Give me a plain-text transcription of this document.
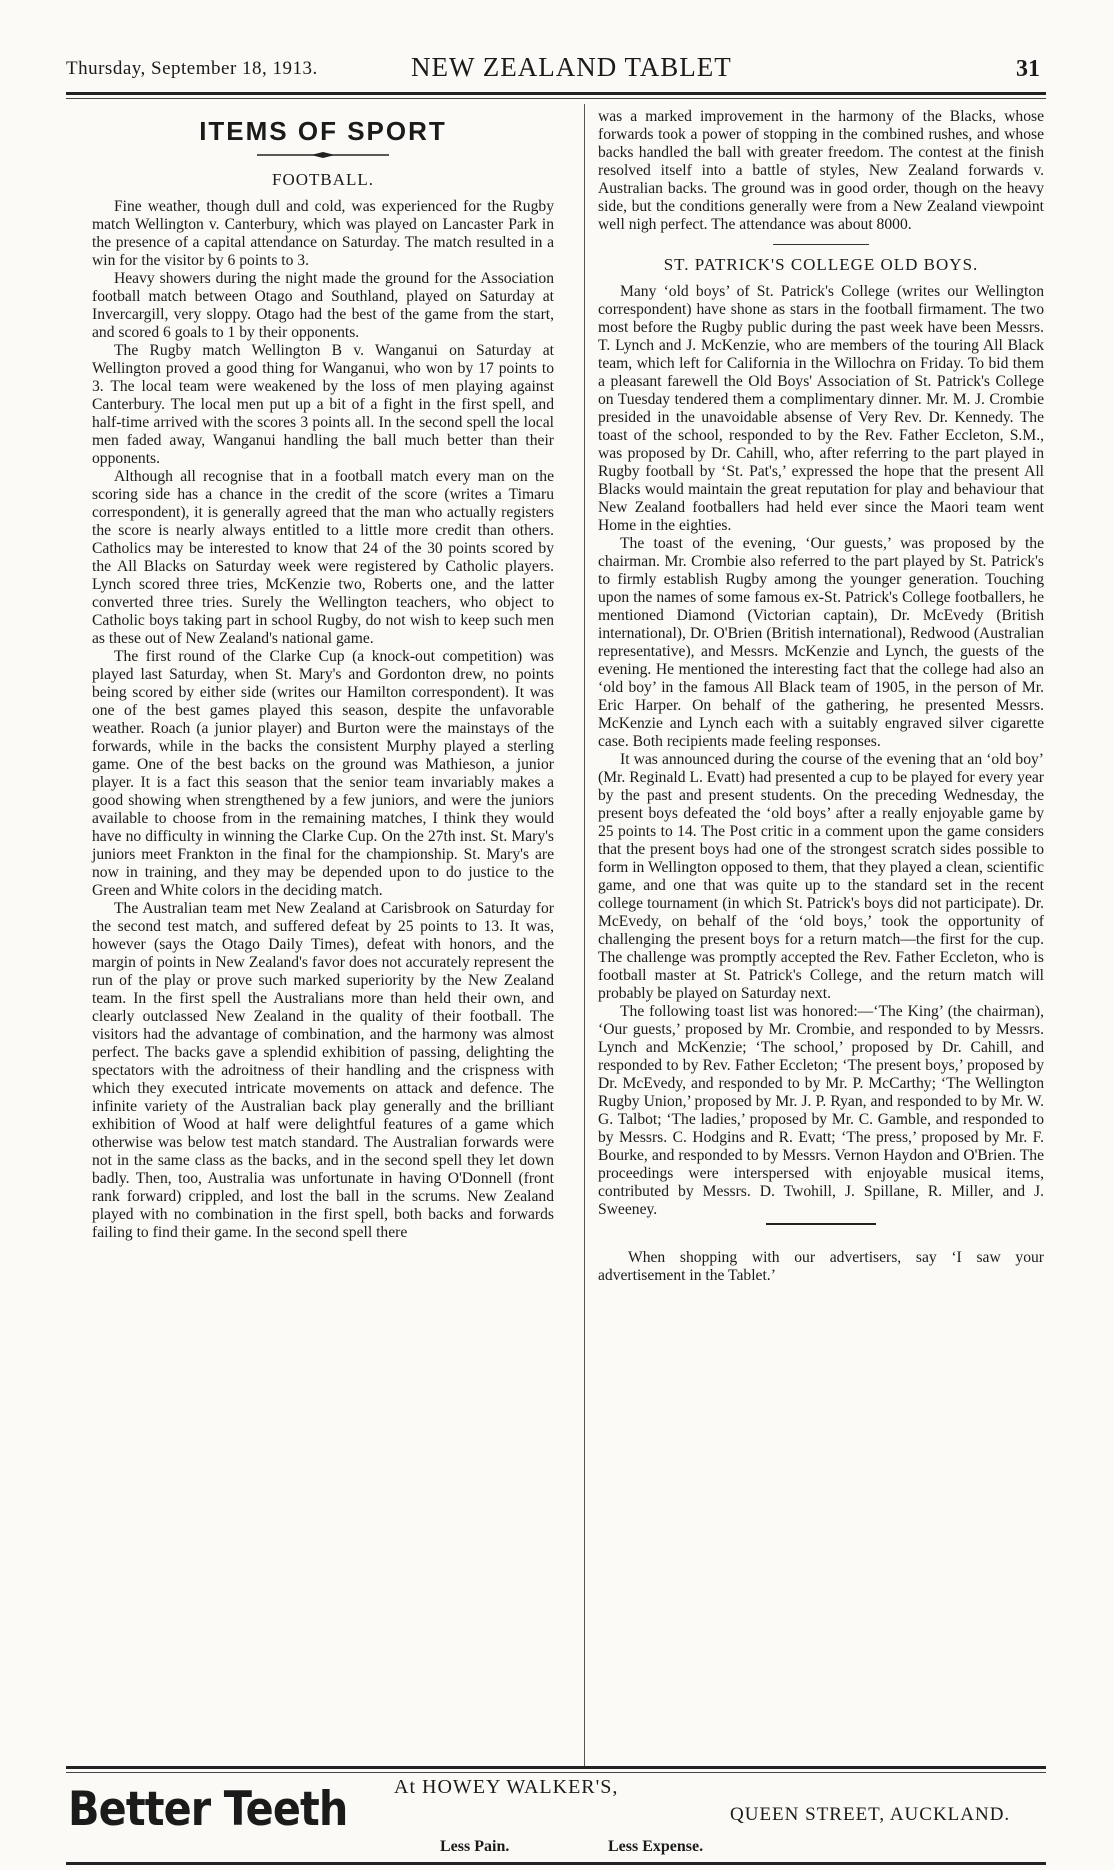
Thursday, September 18, 1913.	NEW ZEALAND TABLET	31
ITEMS OF SPORT
FOOTBALL.

Fine weather, though dull and cold, was experienced for the Rugby match Wellington v. Canterbury, which was played on Lancaster Park in the presence of a capital attendance on Saturday. The match resulted in a win for the visitor by 6 points to 3.

Heavy showers during the night made the ground for the Association football match between Otago and Southland, played on Saturday at Invercargill, very sloppy. Otago had the best of the game from the start, and scored 6 goals to 1 by their opponents.

The Rugby match Wellington B v. Wanganui on Saturday at Wellington proved a good thing for Wanganui, who won by 17 points to 3. The local team were weakened by the loss of men playing against Canterbury. The local men put up a bit of a fight in the first spell, and half-time arrived with the scores 3 points all. In the second spell the local men faded away, Wanganui handling the ball much better than their opponents.

Although all recognise that in a football match every man on the scoring side has a chance in the credit of the score (writes a Timaru correspondent), it is generally agreed that the man who actually registers the score is nearly always entitled to a little more credit than others. Catholics may be interested to know that 24 of the 30 points scored by the All Blacks on Saturday week were registered by Catholic players. Lynch scored three tries, McKenzie two, Roberts one, and the latter converted three tries. Surely the Wellington teachers, who object to Catholic boys taking part in school Rugby, do not wish to keep such men as these out of New Zealand's national game.

The first round of the Clarke Cup (a knock-out competition) was played last Saturday, when St. Mary's and Gordonton drew, no points being scored by either side (writes our Hamilton correspondent). It was one of the best games played this season, despite the unfavorable weather. Roach (a junior player) and Burton were the mainstays of the forwards, while in the backs the consistent Murphy played a sterling game. One of the best backs on the ground was Mathieson, a junior player. It is a fact this season that the senior team invariably makes a good showing when strengthened by a few juniors, and were the juniors available to choose from in the remaining matches, I think they would have no difficulty in winning the Clarke Cup. On the 27th inst. St. Mary's juniors meet Frankton in the final for the championship. St. Mary's are now in training, and they may be depended upon to do justice to the Green and White colors in the deciding match.

The Australian team met New Zealand at Carisbrook on Saturday for the second test match, and suffered defeat by 25 points to 13. It was, however (says the Otago Daily Times), defeat with honors, and the margin of points in New Zealand's favor does not accurately represent the run of the play or prove such marked superiority by the New Zealand team. In the first spell the Australians more than held their own, and clearly outclassed New Zealand in the quality of their football. The visitors had the advantage of combination, and the harmony was almost perfect. The backs gave a splendid exhibition of passing, delighting the spectators with the adroitness of their handling and the crispness with which they executed intricate movements on attack and defence. The infinite variety of the Australian back play generally and the brilliant exhibition of Wood at half were delightful features of a game which otherwise was below test match standard. The Australian forwards were not in the same class as the backs, and in the second spell they let down badly. Then, too, Australia was unfortunate in having O'Donnell (front rank forward) crippled, and lost the ball in the scrums. New Zealand played with no combination in the first spell, both backs and forwards failing to find their game. In the second spell there

was a marked improvement in the harmony of the Blacks, whose forwards took a power of stopping in the combined rushes, and whose backs handled the ball with greater freedom. The contest at the finish resolved itself into a battle of styles, New Zealand forwards v. Australian backs. The ground was in good order, though on the heavy side, but the conditions generally were from a New Zealand viewpoint well nigh perfect. The attendance was about 8000.

ST. PATRICK'S COLLEGE OLD BOYS.

Many ‘old boys’ of St. Patrick's College (writes our Wellington correspondent) have shone as stars in the football firmament. The two most before the Rugby public during the past week have been Messrs. T. Lynch and J. McKenzie, who are members of the touring All Black team, which left for California in the Willochra on Friday. To bid them a pleasant farewell the Old Boys' Association of St. Patrick's College on Tuesday tendered them a complimentary dinner. Mr. M. J. Crombie presided in the unavoidable absense of Very Rev. Dr. Kennedy. The toast of the school, responded to by the Rev. Father Eccleton, S.M., was proposed by Dr. Cahill, who, after referring to the part played in Rugby football by ‘St. Pat's,’ expressed the hope that the present All Blacks would maintain the great reputation for play and behaviour that New Zealand footballers had held ever since the Maori team went Home in the eighties.

The toast of the evening, ‘Our guests,’ was proposed by the chairman. Mr. Crombie also referred to the part played by St. Patrick's to firmly establish Rugby among the younger generation. Touching upon the names of some famous ex-St. Patrick's College footballers, he mentioned Diamond (Victorian captain), Dr. McEvedy (British international), Dr. O'Brien (British international), Redwood (Australian representative), and Messrs. McKenzie and Lynch, the guests of the evening. He mentioned the interesting fact that the college had also an ‘old boy’ in the famous All Black team of 1905, in the person of Mr. Eric Harper. On behalf of the gathering, he presented Messrs. McKenzie and Lynch each with a suitably engraved silver cigarette case. Both recipients made feeling responses.

It was announced during the course of the evening that an ‘old boy’ (Mr. Reginald L. Evatt) had presented a cup to be played for every year by the past and present students. On the preceding Wednesday, the present boys defeated the ‘old boys’ after a really enjoyable game by 25 points to 14. The Post critic in a comment upon the game considers that the present boys had one of the strongest scratch sides possible to form in Wellington opposed to them, that they played a clean, scientific game, and one that was quite up to the standard set in the recent college tournament (in which St. Patrick's boys did not participate). Dr. McEvedy, on behalf of the ‘old boys,’ took the opportunity of challenging the present boys for a return match—the first for the cup. The challenge was promptly accepted the Rev. Father Eccleton, who is football master at St. Patrick's College, and the return match will probably be played on Saturday next.

The following toast list was honored:—‘The King’ (the chairman), ‘Our guests,’ proposed by Mr. Crombie, and responded to by Messrs. Lynch and McKenzie; ‘The school,’ proposed by Dr. Cahill, and responded to by Rev. Father Eccleton; ‘The present boys,’ proposed by Dr. McEvedy, and responded to by Mr. P. McCarthy; ‘The Wellington Rugby Union,’ proposed by Mr. J. P. Ryan, and responded to by Mr. W. G. Talbot; ‘The ladies,’ proposed by Mr. C. Gamble, and responded to by Messrs. C. Hodgins and R. Evatt; ‘The press,’ proposed by Mr. F. Bourke, and responded to by Messrs. Vernon Haydon and O'Brien. The proceedings were interspersed with enjoyable musical items, contributed by Messrs. D. Twohill, J. Spillane, R. Miller, and J. Sweeney.

When shopping with our advertisers, say ‘I saw your advertisement in the Tablet.’

Better Teeth At HOWEY WALKER'S,
QUEEN STREET, AUCKLAND.
Less Pain.	Less Expense.
